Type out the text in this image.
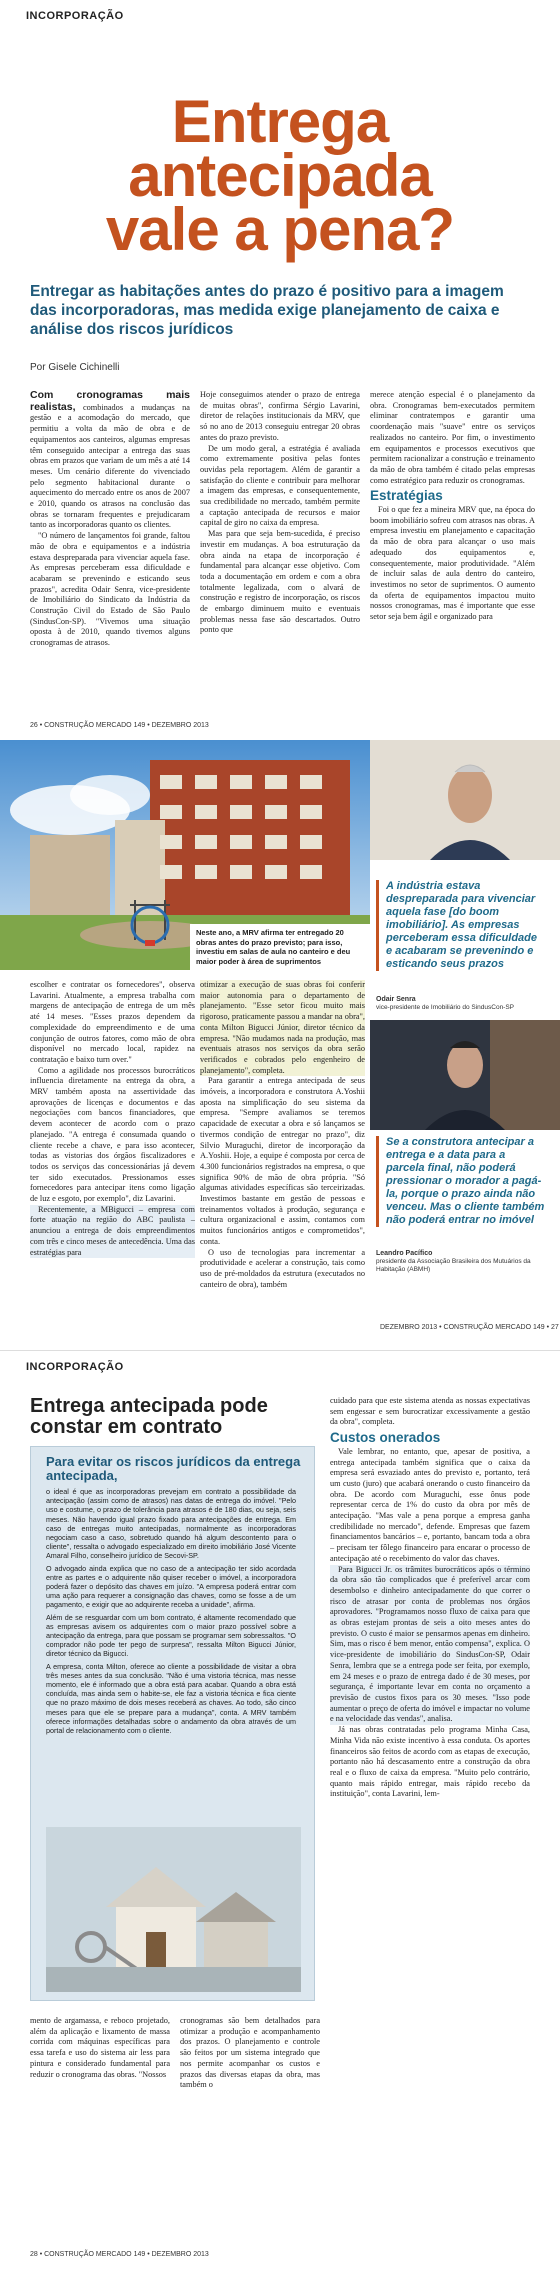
INCORPORAÇÃO
Entrega
antecipada
vale a pena?
Entregar as habitações antes do prazo é positivo para a imagem das incorporadoras, mas medida exige planejamento de caixa e análise dos riscos jurídicos
Por Gisele Cichinelli

Com cronogramas mais realistas, combinados a mudanças na gestão e a acomodação do mercado, que permitiu a volta da mão de obra e de equipamentos aos canteiros, algumas empresas têm conseguido antecipar a entrega das suas obras em prazos que variam de um mês a até 14 meses. Um cenário diferente do vivenciado pelo segmento habitacional durante o aquecimento do mercado entre os anos de 2007 e 2010, quando os atrasos na conclusão das obras se tornaram frequentes e prejudicaram tanto as incorporadoras quanto os clientes.

"O número de lançamentos foi grande, faltou mão de obra e equipamentos e a indústria estava despreparada para vivenciar aquela fase. As empresas perceberam essa dificuldade e acabaram se prevenindo e esticando seus prazos", acredita Odair Senra, vice-presidente de Imobiliário do Sindicato da Indústria da Construção Civil do Estado de São Paulo (SindusCon-SP). "Vivemos uma situação oposta à de 2010, quando tivemos alguns cronogramas de atrasos.

Hoje conseguimos atender o prazo de entrega de muitas obras", confirma Sérgio Lavarini, diretor de relações institucionais da MRV, que só no ano de 2013 conseguiu entregar 20 obras antes do prazo previsto.

De um modo geral, a estratégia é avaliada como extremamente positiva pelas fontes ouvidas pela reportagem. Além de garantir a satisfação do cliente e contribuir para melhorar a imagem das empresas, e consequentemente, sua credibilidade no mercado, também permite a captação antecipada de recursos e maior capital de giro no caixa da empresa.

Mas para que seja bem-sucedida, é preciso investir em mudanças. A boa estruturação da obra ainda na etapa de incorporação é fundamental para alcançar esse objetivo. Com toda a documentação em ordem e com a obra totalmente legalizada, com o alvará de construção e registro de incorporação, os riscos de embargo diminuem muito e eventuais problemas nessa fase são descartados. Outro ponto que

merece atenção especial é o planejamento da obra. Cronogramas bem-executados permitem eliminar contratempos e garantir uma coordenação mais "suave" entre os serviços realizados no canteiro. Por fim, o investimento em equipamentos e processos executivos que permitem racionalizar a construção e treinamento da mão de obra também é citado pelas empresas como estratégico para reduzir os cronogramas.

Estratégias

Foi o que fez a mineira MRV que, na época do boom imobiliário sofreu com atrasos nas obras. A empresa investiu em planejamento e capacitação da mão de obra para alcançar o uso mais adequado dos equipamentos e, consequentemente, maior produtividade. "Além de incluir salas de aula dentro do canteiro, investimos no setor de suprimentos. O aumento da oferta de equipamentos impactou muito nossos cronogramas, mas é importante que esse setor seja bem ágil e organizado para

26 • CONSTRUÇÃO MERCADO 149 • DEZEMBRO 2013
Neste ano, a MRV afirma ter entregado 20 obras antes do prazo previsto; para isso, investiu em salas de aula no canteiro e deu maior poder à área de suprimentos
A indústria estava despreparada para vivenciar aquela fase [do boom imobiliário]. As empresas perceberam essa dificuldade e acabaram se prevenindo e esticando seus prazos
Odair Senra
vice-presidente de Imobiliário do SindusCon-SP
Se a construtora antecipar a entrega e a data para a parcela final, não poderá pressionar o morador a pagá-la, porque o prazo ainda não venceu. Mas o cliente também não poderá entrar no imóvel
Leandro Pacífico
presidente da Associação Brasileira dos Mutuários da Habitação (ABMH)

escolher e contratar os fornecedores", observa Lavarini. Atualmente, a empresa trabalha com margens de antecipação de entrega de um mês até 14 meses. "Esses prazos dependem da complexidade do empreendimento e de uma conjunção de outros fatores, como mão de obra disponível no mercado local, rapidez na contratação e baixo turn over."

Como a agilidade nos processos burocráticos influencia diretamente na entrega da obra, a MRV também aposta na assertividade das aprovações de licenças e documentos e das negociações com bancos financiadores, que devem acontecer de acordo com o prazo planejado. "A entrega é consumada quando o cliente recebe a chave, e para isso acontecer, todas as vistorias dos órgãos fiscalizadores e todos os serviços das concessionárias já devem ter sido executados. Pressionamos esses fornecedores para antecipar itens como ligação de luz e esgoto, por exemplo", diz Lavarini.

Recentemente, a MBigucci – empresa com forte atuação na região do ABC paulista – anunciou a entrega de dois empreendimentos com três e cinco meses de antecedência. Uma das estratégias para

otimizar a execução de suas obras foi conferir maior autonomia para o departamento de planejamento. "Esse setor ficou muito mais rigoroso, praticamente passou a mandar na obra", conta Milton Bigucci Júnior, diretor técnico da empresa. "Não mudamos nada na produção, mas eventuais atrasos nos serviços da obra serão verificados e cobrados pelo engenheiro de planejamento", completa.

Para garantir a entrega antecipada de seus imóveis, a incorporadora e construtora A.Yoshii aposta na simplificação do seu sistema da empresa. "Sempre avaliamos se teremos capacidade de executar a obra e só lançamos se tivermos condição de entregar no prazo", diz Silvio Muraguchi, diretor de incorporação da A.Yoshii. Hoje, a equipe é composta por cerca de 4.300 funcionários registrados na empresa, o que significa 90% de mão de obra própria. "Só algumas atividades específicas são terceirizadas. Investimos bastante em gestão de pessoas e treinamentos voltados à produção, segurança e cultura organizacional e assim, contamos com muitos funcionários antigos e comprometidos", conta.

O uso de tecnologias para incrementar a produtividade e acelerar a construção, tais como uso de pré-moldados da estrutura (executados no canteiro de obra), também

DEZEMBRO 2013 • CONSTRUÇÃO MERCADO 149 • 27
INCORPORAÇÃO
Entrega antecipada pode constar em contrato
Para evitar os riscos jurídicos da entrega antecipada,

o ideal é que as incorporadoras prevejam em contrato a possibilidade da antecipação (assim como de atrasos) nas datas de entrega do imóvel. "Pelo uso e costume, o prazo de tolerância para atrasos é de 180 dias, ou seja, seis meses. Não havendo igual prazo fixado para antecipações de entrega. Em caso de entregas muito antecipadas, normalmente as incorporadoras negociam caso a caso, sobretudo quando há algum descontento para o cliente", ressalta o advogado especializado em direito imobiliário José Vicente Amaral Filho, conselheiro jurídico de Secovi-SP.

O advogado ainda explica que no caso de a antecipação ter sido acordada entre as partes e o adquirente não quiser receber o imóvel, a incorporadora poderá fazer o depósito das chaves em juízo. "A empresa poderá entrar com uma ação para requerer a consignação das chaves, como se fosse a de um pagamento, e exigir que ao adquirente receba a unidade", afirma.

Além de se resguardar com um bom contrato, é altamente recomendado que as empresas avisem os adquirentes com o maior prazo possível sobre a antecipação da entrega, para que possam se programar sem sobressaltos. "O comprador não pode ter pego de surpresa", ressalta Milton Bigucci Júnior, diretor técnico da Bigucci.

A empresa, conta Milton, oferece ao cliente a possibilidade de visitar a obra três meses antes da sua conclusão. "Não é uma vistoria técnica, mas nesse momento, ele é informado que a obra está para acabar. Quando a obra está concluída, mas ainda sem o habite-se, ele faz a vistoria técnica e fica ciente que no prazo máximo de dois meses receberá as chaves. Ao todo, são cinco meses para que ele se prepare para a mudança", conta. A MRV também oferece informações detalhadas sobre o andamento da obra através de um portal de relacionamento com o cliente.

cuidado para que este sistema atenda as nossas expectativas sem engessar e sem burocratizar excessivamente a gestão da obra", completa.

Custos onerados

Vale lembrar, no entanto, que, apesar de positiva, a entrega antecipada também significa que o caixa da empresa será esvaziado antes do previsto e, portanto, terá um custo (juro) que acabará onerando o custo financeiro da obra. De acordo com Muraguchi, esse ônus pode representar cerca de 1% do custo da obra por mês de antecipação. "Mas vale a pena porque a empresa ganha credibilidade no mercado", defende. Empresas que fazem financiamentos bancários – e, portanto, bancam toda a obra – precisam ter fôlego financeiro para encarar o processo de antecipação até o recebimento do valor das chaves.

Para Bigucci Jr. os trâmites burocráticos após o término da obra são tão complicados que é preferível arcar com desembolso e dinheiro antecipadamente do que correr o risco de atrasar por conta de problemas nos órgãos aprovadores. "Programamos nosso fluxo de caixa para que as obras estejam prontas de seis a oito meses antes do previsto. O custo é maior se pensarmos apenas em dinheiro. Sim, mas o risco é bem menor, então compensa", explica. O vice-presidente de imobiliário do SindusCon-SP, Odair Senra, lembra que se a entrega pode ser feita, por exemplo, em 24 meses e o prazo de entrega dado é de 30 meses, por segurança, é importante levar em conta no orçamento a previsão de custos fixos para os 30 meses. "Isso pode aumentar o preço de oferta do imóvel e impactar no volume e na velocidade das vendas", analisa.

Já nas obras contratadas pelo programa Minha Casa, Minha Vida não existe incentivo à essa conduta. Os aportes financeiros são feitos de acordo com as etapas de execução, portanto não há descasamento entre a construção da obra real e o fluxo de caixa da empresa. "Muito pelo contrário, quanto mais rápido entregar, mais rápido recebo da instituição", conta Lavarini, lem-

mento de argamassa, e reboco projetado, além da aplicação e lixamento de massa corrida com máquinas específicas para essa tarefa e uso do sistema air less para pintura e considerado fundamental para reduzir o cronograma das obras. "Nossos

cronogramas são bem detalhados para otimizar a produção e acompanhamento dos prazos. O planejamento e controle são feitos por um sistema integrado que nos permite acompanhar os custos e prazos das diversas etapas da obra, mas também o

28 • CONSTRUÇÃO MERCADO 149 • DEZEMBRO 2013
